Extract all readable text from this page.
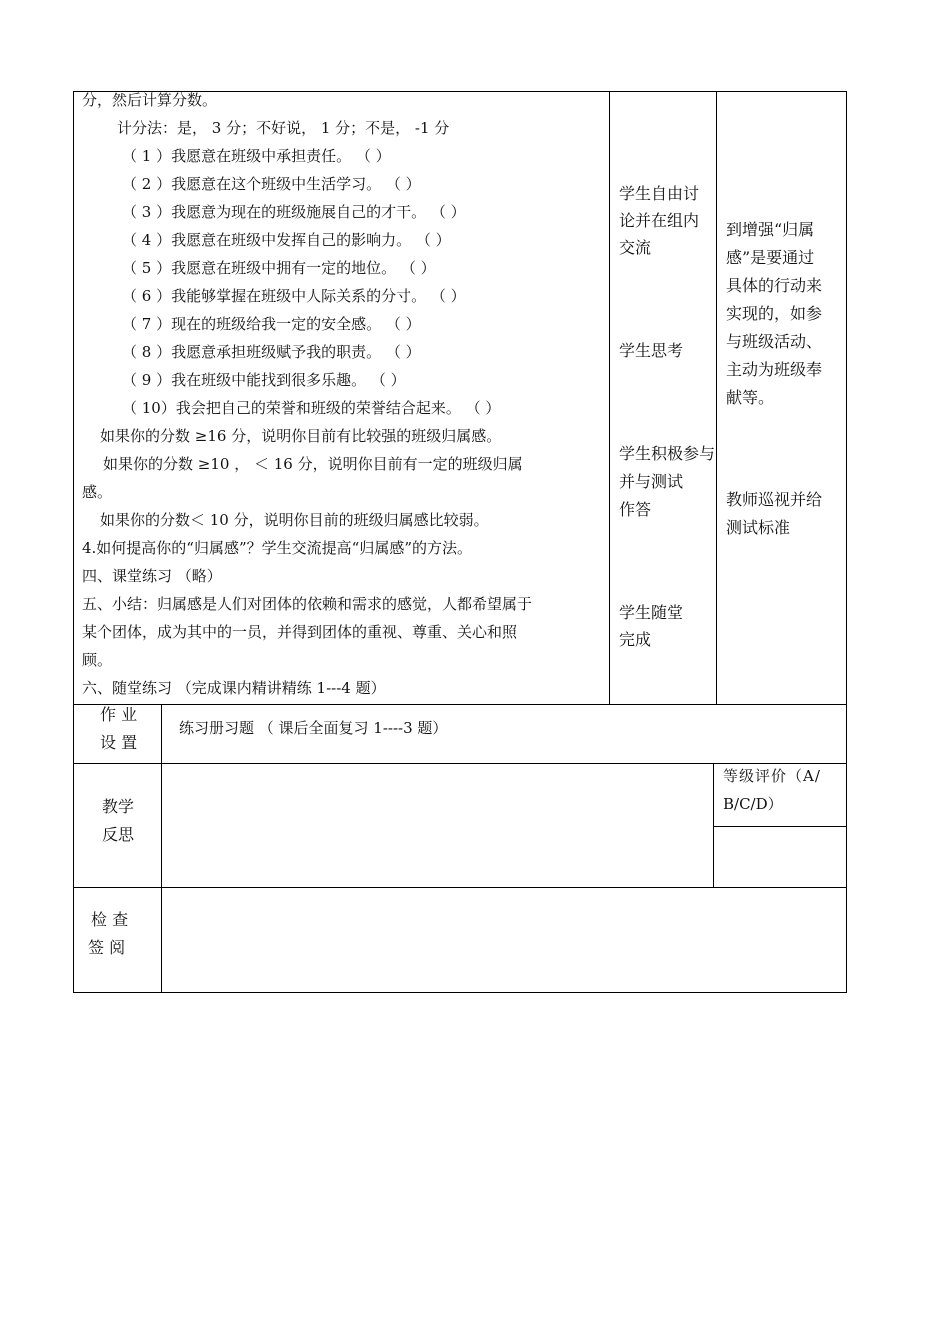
分，然后计算分数。
计分法：是， 3 分；不好说， 1 分；不是， -1 分
（ 1 ）我愿意在班级中承担责任。 （ ）
（ 2 ）我愿意在这个班级中生活学习。 （ ）
（ 3 ）我愿意为现在的班级施展自己的才干。 （ ）
（ 4 ）我愿意在班级中发挥自己的影响力。 （ ）
（ 5 ）我愿意在班级中拥有一定的地位。 （ ）
（ 6 ）我能够掌握在班级中人际关系的分寸。 （ ）
（ 7 ）现在的班级给我一定的安全感。 （ ）
（ 8 ）我愿意承担班级赋予我的职责。 （ ）
（ 9 ）我在班级中能找到很多乐趣。 （ ）
（ 10）我会把自己的荣誉和班级的荣誉结合起来。 （ ）
如果你的分数 ≥16 分，说明你目前有比较强的班级归属感。
如果你的分数 ≥10 ， ＜ 16 分，说明你目前有一定的班级归属
感。
如果你的分数＜ 10 分，说明你目前的班级归属感比较弱。
4.如何提高你的“归属感”？学生交流提高“归属感”的方法。
四、课堂练习 （略）
五、小结：归属感是人们对团体的依赖和需求的感觉，人都希望属于
某个团体，成为其中的一员，并得到团体的重视、尊重、关心和照
顾。
六、随堂练习 （完成课内精讲精练 1---4 题）
学生自由讨
论并在组内
交流
学生思考
学生积极参与
并与测试
作答
学生随堂
完成
到增强“归属
感”是要通过
具体的行动来
实现的，如参
与班级活动、
主动为班级奉
献等。
教师巡视并给
测试标准
作 业
设 置
练习册习题 （ 课后全面复习 1----3 题）
教学
反思
等级评价（A/
B/C/D）
检 查
签 阅
